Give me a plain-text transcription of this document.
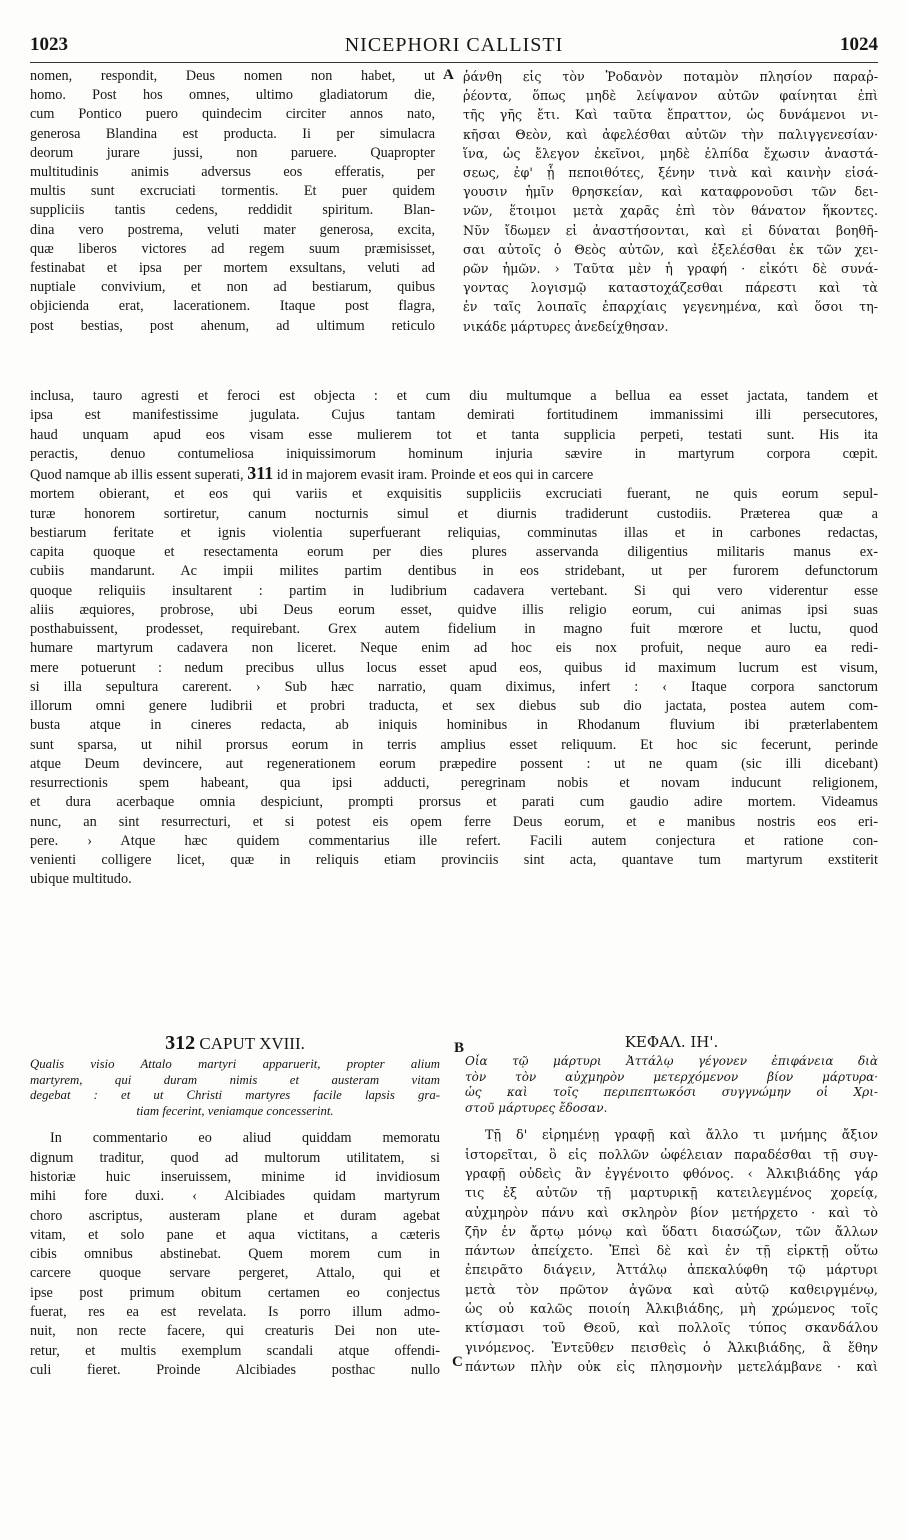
1023	NICEPHORI CALLISTI	1024
nomen, respondit, Deus nomen non habet, ut
homo. Post hos omnes, ultimo gladiatorum die,
cum Pontico puero quindecim circiter annos nato,
generosa Blandina est producta. Ii per simulacra
deorum jurare jussi, non paruere. Quapropter
multitudinis animis adversus eos efferatis, per
multis sunt excruciati tormentis. Et puer quidem
suppliciis tantis cedens, reddidit spiritum. Blan-
dina vero postrema, veluti mater generosa, excita,
quæ liberos victores ad regem suum præmisisset,
festinabat et ipsa per mortem exsultans, veluti ad
nuptiale convivium, et non ad bestiarum, quibus
objicienda erat, lacerationem. Itaque post flagra,
post bestias, post ahenum, ad ultimum reticulo
A ῥάνθη εἰς τὸν Ῥοδανὸν ποταμὸν πλησίον παραῤ-
ῥέοντα, ὅπως μηδὲ λείψανον αὐτῶν φαίνηται ἐπὶ
τῆς γῆς ἔτι. Καὶ ταῦτα ἔπραττον, ὡς δυνάμενοι νι-
κῆσαι Θεὸν, καὶ ἀφελέσθαι αὐτῶν τὴν παλιγγενεσίαν·
ἵνα, ὡς ἔλεγον ἐκεῖνοι, μηδὲ ἐλπίδα ἔχωσιν ἀναστά-
σεως, ἐφ' ᾗ πεποιθότες, ξένην τινὰ καὶ καινὴν εἰσά-
γουσιν ἡμῖν θρησκείαν, καὶ καταφρονοῦσι τῶν δει-
νῶν, ἕτοιμοι μετὰ χαρᾶς ἐπὶ τὸν θάνατον ἥκοντες.
Νῦν ἴδωμεν εἰ ἀναστήσονται, καὶ εἰ δύναται βοηθῆ-
σαι αὐτοῖς ὁ Θεὸς αὐτῶν, καὶ ἐξελέσθαι ἐκ τῶν χει-
ρῶν ἡμῶν. › Ταῦτα μὲν ἡ γραφή · εἰκότι δὲ συνά-
γοντας λογισμῷ καταστοχάζεσθαι πάρεστι καὶ τὰ
ἐν ταῖς λοιπαῖς ἐπαρχίαις γεγενημένα, καὶ ὅσοι τη-
νικάδε μάρτυρες ἀνεδείχθησαν.
inclusa, tauro agresti et feroci est objecta : et cum diu multumque a bellua ea esset jactata, tandem et
ipsa est manifestissime jugulata. Cujus tantam demirati fortitudinem immanissimi illi persecutores,
haud unquam apud eos visam esse mulierem tot et tanta supplicia perpeti, testati sunt. His ita
peractis, denuo contumeliosa iniquissimorum hominum injuria sævire in martyrum corpora cœpit.
Quod namque ab illis essent superati, 311 id in majorem evasit iram. Proinde et eos qui in carcere
mortem obierant, et eos qui variis et exquisitis suppliciis excruciati fuerant, ne quis eorum sepul-
turæ honorem sortiretur, canum nocturnis simul et diurnis tradiderunt custodiis. Præterea quæ a
bestiarum feritate et ignis violentia superfuerant reliquias, comminutas illas et in carbones redactas,
capita quoque et resectamenta eorum per dies plures asservanda diligentius militaris manus ex-
cubiis mandarunt. Ac impii milites partim dentibus in eos stridebant, ut per furorem defunctorum
quoque reliquiis insultarent : partim in ludibrium cadavera vertebant. Si qui vero viderentur esse
aliis æquiores, probrose, ubi Deus eorum esset, quidve illis religio eorum, cui animas ipsi suas
posthabuissent, prodesset, requirebant. Grex autem fidelium in magno fuit mœrore et luctu, quod
humare martyrum cadavera non liceret. Neque enim ad hoc eis nox profuit, neque auro ea redi-
mere potuerunt : nedum precibus ullus locus esset apud eos, quibus id maximum lucrum est visum,
si illa sepultura carerent. › Sub hæc narratio, quam diximus, infert : ‹ Itaque corpora sanctorum
illorum omni genere ludibrii et probri traducta, et sex diebus sub dio jactata, postea autem com-
busta atque in cineres redacta, ab iniquis hominibus in Rhodanum fluvium ibi præterlabentem
sunt sparsa, ut nihil prorsus eorum in terris amplius esset reliquum. Et hoc sic fecerunt, perinde
atque Deum devincere, aut regenerationem eorum præpedire possent : ut ne quam (sic illi dicebant)
resurrectionis spem habeant, qua ipsi adducti, peregrinam nobis et novam inducunt religionem,
et dura acerbaque omnia despiciunt, prompti prorsus et parati cum gaudio adire mortem. Videamus
nunc, an sint resurrecturi, et si potest eis opem ferre Deus eorum, et e manibus nostris eos eri-
pere. › Atque hæc quidem commentarius ille refert. Facili autem conjectura et ratione con-
venienti colligere licet, quæ in reliquis etiam provinciis sint acta, quantave tum martyrum exstiterit
ubique multitudo.
312 CAPUT XVIII.
Qualis visio Attalo martyri apparuerit, propter alium
martyrem, qui duram nimis et austeram vitam
degebat : et ut Christi martyres facile lapsis gra-
tiam fecerint, veniamque concesserint.
In commentario eo aliud quiddam memoratu
dignum traditur, quod ad multorum utilitatem, si
historiæ huic inseruissem, minime id invidiosum
mihi fore duxi. ‹ Alcibiades quidam martyrum
choro ascriptus, austeram plane et duram agebat
vitam, et solo pane et aqua victitans, a cæteris
cibis omnibus abstinebat. Quem morem cum in
carcere quoque servare pergeret, Attalo, qui et
ipse post primum obitum certamen eo conjectus
fuerat, res ea est revelata. Is porro illum admo-
nuit, non recte facere, qui creaturis Dei non ute-
retur, et multis exemplum scandali atque offendi-
culi fieret. Proinde Alcibiades posthac nullo
B
C
ΚΕΦΑΛ. ΙΗ'.
Οἷα τῷ μάρτυρι Ἀττάλῳ γέγονεν ἐπιφάνεια διὰ
τὸν τὸν αὐχμηρὸν μετερχόμενον βίον μάρτυρα·
ὡς καὶ τοῖς περιπεπτωκόσι συγγνώμην οἱ Χρι-
στοῦ μάρτυρες ἔδοσαν.
Τῇ δ' εἰρημένῃ γραφῇ καὶ ἄλλο τι μνήμης ἄξιον
ἱστορεῖται, ὃ εἰς πολλῶν ὠφέλειαν παραδέσθαι τῇ συγ-
γραφῇ οὐδεὶς ἂν ἐγγένοιτο φθόνος. ‹ Ἀλκιβιάδης γάρ
τις ἐξ αὐτῶν τῇ μαρτυρικῇ κατειλεγμένος χορείᾳ,
αὐχμηρὸν πάνυ καὶ σκληρὸν βίον μετήρχετο · καὶ τὸ
ζῆν ἐν ἄρτῳ μόνῳ καὶ ὕδατι διασώζων, τῶν ἄλλων
πάντων ἀπείχετο. Ἐπεὶ δὲ καὶ ἐν τῇ εἱρκτῇ οὕτω
ἐπειρᾶτο διάγειν, Ἀττάλῳ ἀπεκαλύφθη τῷ μάρτυρι
μετὰ τὸν πρῶτον ἀγῶνα καὶ αὐτῷ καθειργμένῳ,
ὡς οὐ καλῶς ποιοίη Ἀλκιβιάδης, μὴ χρώμενος τοῖς
κτίσμασι τοῦ Θεοῦ, καὶ πολλοῖς τύπος σκανδάλου
γινόμενος. Ἐντεῦθεν πεισθεὶς ὁ Ἀλκιβιάδης, ἃ ἔθην
πάντων πλὴν οὐκ εἰς πλησμονὴν μετελάμβανε · καὶ
